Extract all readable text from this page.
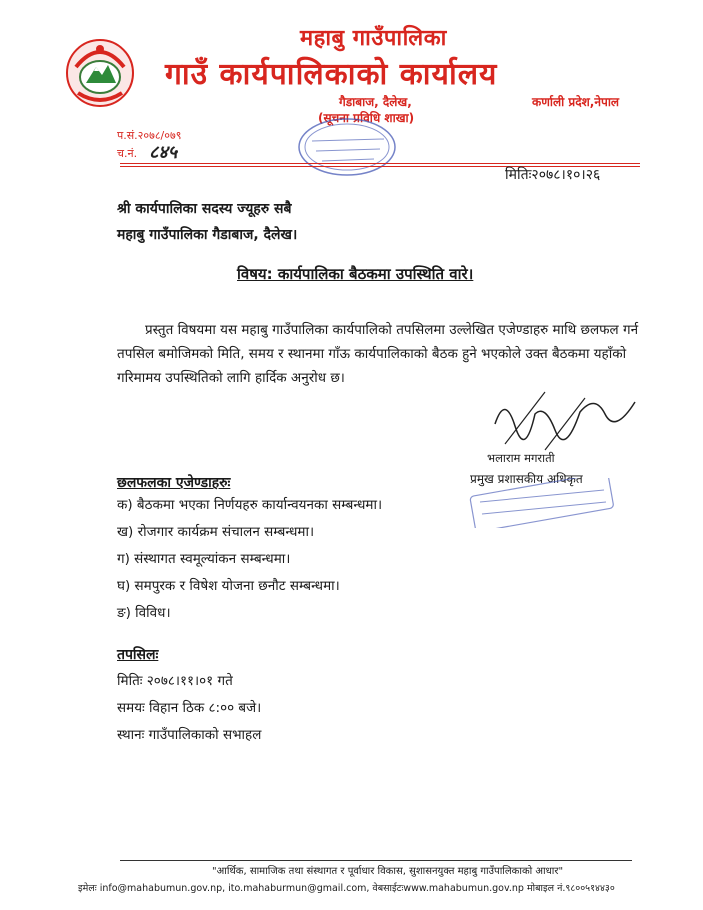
महाबु गाउँपालिका
गाउँ कार्यपालिकाको कार्यालय
गैडाबाज, दैलेख,	कर्णाली प्रदेश,नेपाल
(सूचना प्रविधि शाखा)
प.सं.२०७८/०७९
च.नं. ८४५
मितिः२०७८।१०।२६
श्री कार्यपालिका सदस्य ज्यूहरु सबै
महाबु गाउँपालिका गैडाबाज, दैलेख।
विषय: कार्यपालिका बैठकमा उपस्थिति वारे।
प्रस्तुत विषयमा यस महाबु गाउँपालिका कार्यपालिको तपसिलमा उल्लेखित एजेण्डाहरु माथि छलफल गर्न तपसिल बमोजिमको मिति, समय र स्थानमा गाँऊ कार्यपालिकाको बैठक हुने भएकोले उक्त बैठकमा यहाँको गरिमामय उपस्थितिको लागि हार्दिक अनुरोध छ।
भलाराम मगराती
प्रमुख प्रशासकीय अधिकृत
छलफलका एजेण्डाहरुः
क) बैठकमा भएका निर्णयहरु कार्यान्वयनका सम्बन्धमा।
ख) रोजगार कार्यक्रम संचालन सम्बन्धमा।
ग) संस्थागत स्वमूल्यांकन सम्बन्धमा।
घ) समपुरक र विषेश योजना छनौट सम्बन्धमा।
ङ) विविध।
तपसिलः
मितिः २०७८।११।०१ गते
समयः विहान ठिक ८:०० बजे।
स्थानः गाउँपालिकाको सभाहल
"आर्थिक, सामाजिक तथा संस्थागत र पूर्वाधार विकास, सुशासनयुक्त महाबु गाउँपालिकाको आधार"
इमेलः info@mahabumun.gov.np, ito.mahaburmun@gmail.com, वेबसाईटःwww.mahabumun.gov.np मोबाइल नं.९८००५१४४३०
